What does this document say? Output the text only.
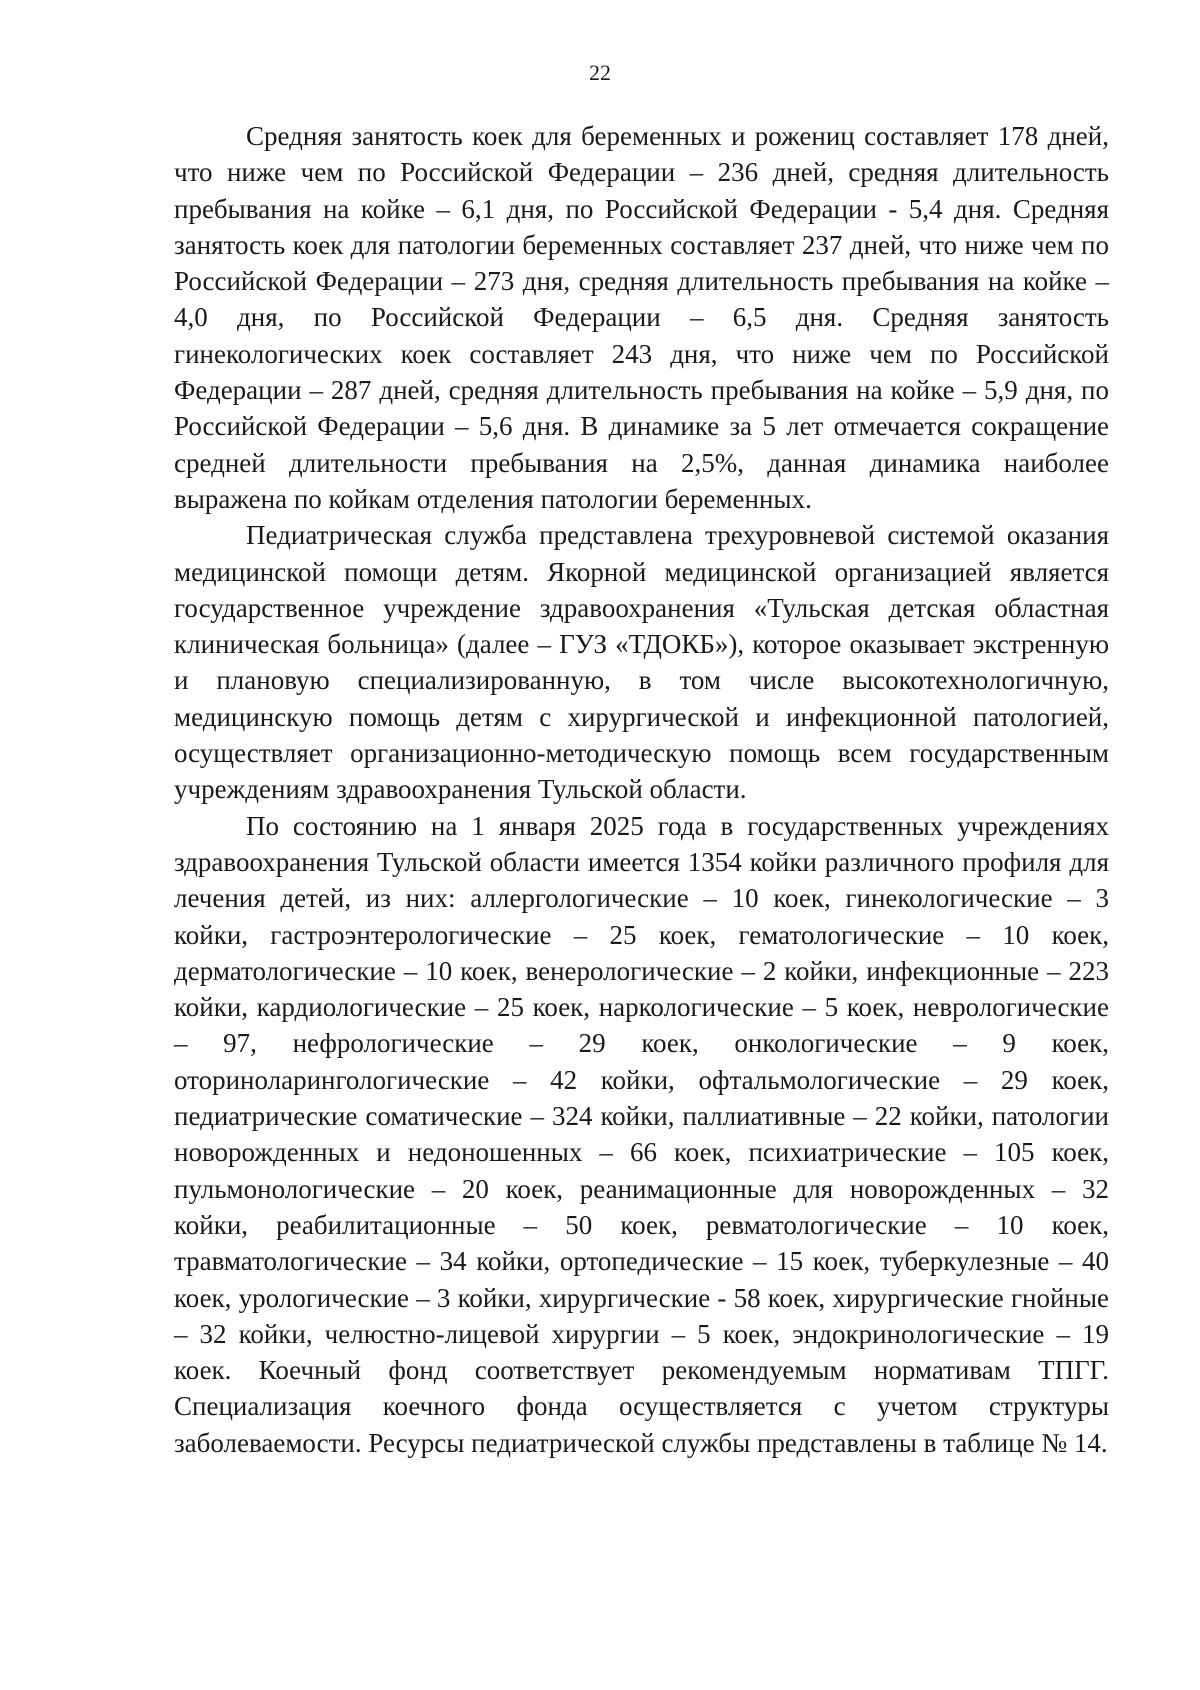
22

Средняя занятость коек для беременных и рожениц составляет 178 дней, что ниже чем по Российской Федерации – 236 дней, средняя длительность пребывания на койке – 6,1 дня, по Российской Федерации - 5,4 дня. Средняя занятость коек для патологии беременных составляет 237 дней, что ниже чем по Российской Федерации – 273 дня, средняя длительность пребывания на койке – 4,0 дня, по Российской Федерации – 6,5 дня. Средняя занятость гинекологических коек составляет 243 дня, что ниже чем по Российской Федерации – 287 дней, средняя длительность пребывания на койке – 5,9 дня, по Российской Федерации – 5,6 дня. В динамике за 5 лет отмечается сокращение средней длительности пребывания на 2,5%, данная динамика наиболее выражена по койкам отделения патологии беременных.

Педиатрическая служба представлена трехуровневой системой оказания медицинской помощи детям. Якорной медицинской организацией является государственное учреждение здравоохранения «Тульская детская областная клиническая больница» (далее – ГУЗ «ТДОКБ»), которое оказывает экстренную и плановую специализированную, в том числе высокотехнологичную, медицинскую помощь детям с хирургической и инфекционной патологией, осуществляет организационно-методическую помощь всем государственным учреждениям здравоохранения Тульской области.

По состоянию на 1 января 2025 года в государственных учреждениях здравоохранения Тульской области имеется 1354 койки различного профиля для лечения детей, из них: аллергологические – 10 коек, гинекологические – 3 койки, гастроэнтерологические – 25 коек, гематологические – 10 коек, дерматологические – 10 коек, венерологические – 2 койки, инфекционные – 223 койки, кардиологические – 25 коек, наркологические – 5 коек, неврологические – 97, нефрологические – 29 коек, онкологические – 9 коек, оториноларингологические – 42 койки, офтальмологические – 29 коек, педиатрические соматические – 324 койки, паллиативные – 22 койки, патологии новорожденных и недоношенных – 66 коек, психиатрические – 105 коек, пульмонологические – 20 коек, реанимационные для новорожденных – 32 койки, реабилитационные – 50 коек, ревматологические – 10 коек, травматологические – 34 койки, ортопедические – 15 коек, туберкулезные – 40 коек, урологические – 3 койки, хирургические - 58 коек, хирургические гнойные – 32 койки, челюстно-лицевой хирургии – 5 коек, эндокринологические – 19 коек. Коечный фонд соответствует рекомендуемым нормативам ТПГГ. Специализация коечного фонда осуществляется с учетом структуры заболеваемости. Ресурсы педиатрической службы представлены в таблице № 14.
